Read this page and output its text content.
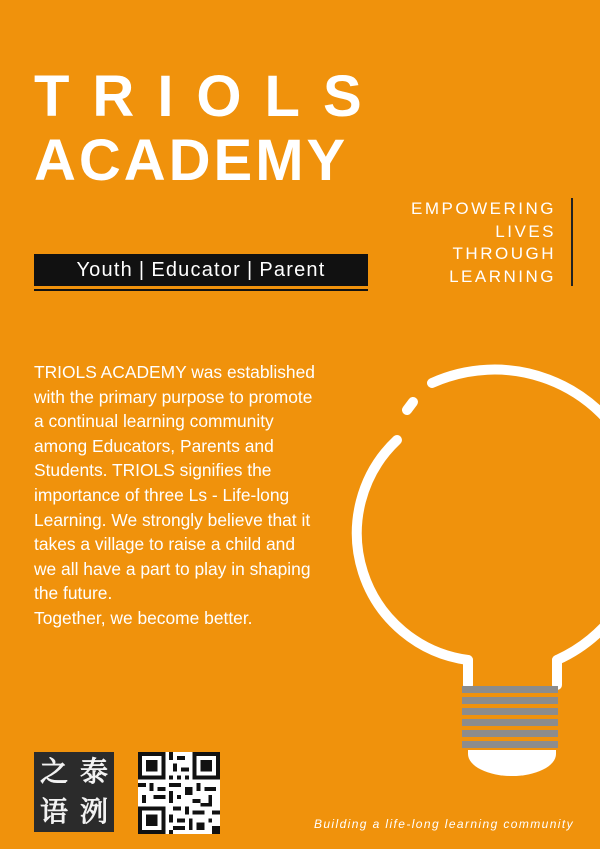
TRIOLS
ACADEMY
EMPOWERING
LIVES
THROUGH
LEARNING
Youth | Educator | Parent

TRIOLS ACADEMY was established with the primary purpose to promote a continual learning community among Educators, Parents and Students. TRIOLS signifies the importance of three Ls - Life-long Learning. We strongly believe that it takes a village to raise a child and

we all have a part to play in shaping the future.

Together, we become better.

之 泰
语 洌	Building a life-long learning community
